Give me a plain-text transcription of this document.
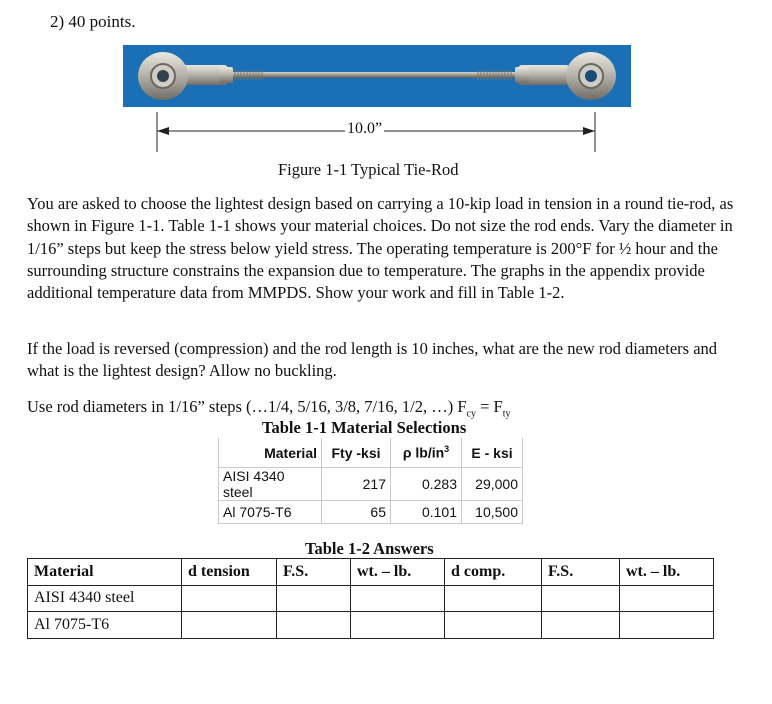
2) 40 points.
10.0”
Figure 1-1 Typical Tie-Rod
You are asked to choose the lightest design based on carrying a 10-kip load in tension in a round tie-rod, as shown in Figure 1-1. Table 1-1 shows your material choices. Do not size the rod ends. Vary the diameter in 1/16” steps but keep the stress below yield stress. The operating temperature is 200°F for ½ hour and the surrounding structure constrains the expansion due to temperature. The graphs in the appendix provide additional temperature data from MMPDS. Show your work and fill in Table 1-2.
If the load is reversed (compression) and the rod length is 10 inches, what are the new rod diameters and what is the lightest design? Allow no buckling.
Use rod diameters in 1/16” steps (…1/4, 5/16, 3/8, 7/16, 1/2, …) $F_{cy} = F_{ty}$
Table 1-1 Material Selections
Material	Fty -ksi	ρ $lb/in^3$	E - ksi
AISI 4340 steel	217	0.283	29,000
Al 7075-T6	65	0.101	10,500
Table 1-2 Answers
Material	d tension	F.S.	wt. – lb.	d comp.	F.S.	wt. – lb.
AISI 4340 steel						
Al 7075-T6						
